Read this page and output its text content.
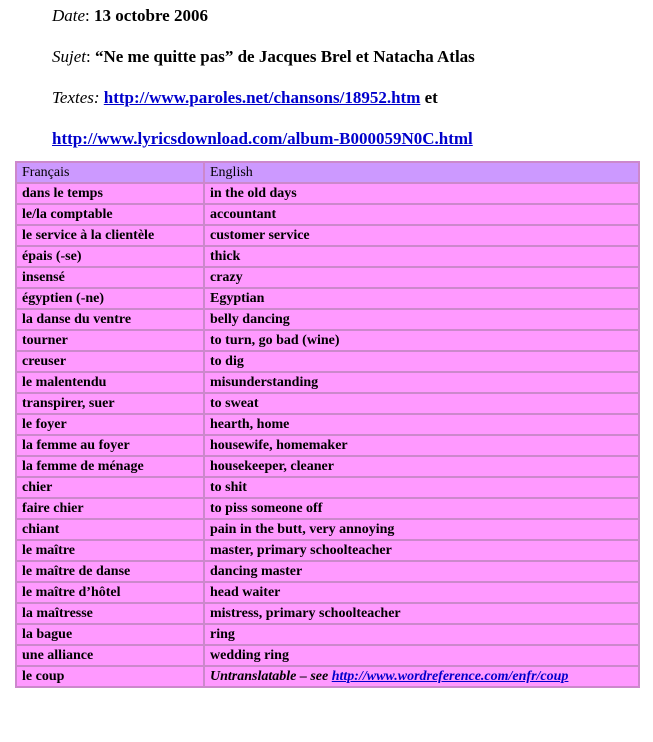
Date: 13 octobre 2006
Sujet: “Ne me quitte pas” de Jacques Brel et Natacha Atlas
Textes: http://www.paroles.net/chansons/18952.htm et
http://www.lyricsdownload.com/album-B000059N0C.html
Français	English
dans le temps	in the old days
le/la comptable	accountant
le service à la clientèle	customer service
épais (-se)	thick
insensé	crazy
égyptien (-ne)	Egyptian
la danse du ventre	belly dancing
tourner	to turn, go bad (wine)
creuser	to dig
le malentendu	misunderstanding
transpirer, suer	to sweat
le foyer	hearth, home
la femme au foyer	housewife, homemaker
la femme de ménage	housekeeper, cleaner
chier	to shit
faire chier	to piss someone off
chiant	pain in the butt, very annoying
le maître	master, primary schoolteacher
le maître de danse	dancing master
le maître d’hôtel	head waiter
la maîtresse	mistress, primary schoolteacher
la bague	ring
une alliance	wedding ring
le coup	Untranslatable – see http://www.wordreference.com/enfr/coup
